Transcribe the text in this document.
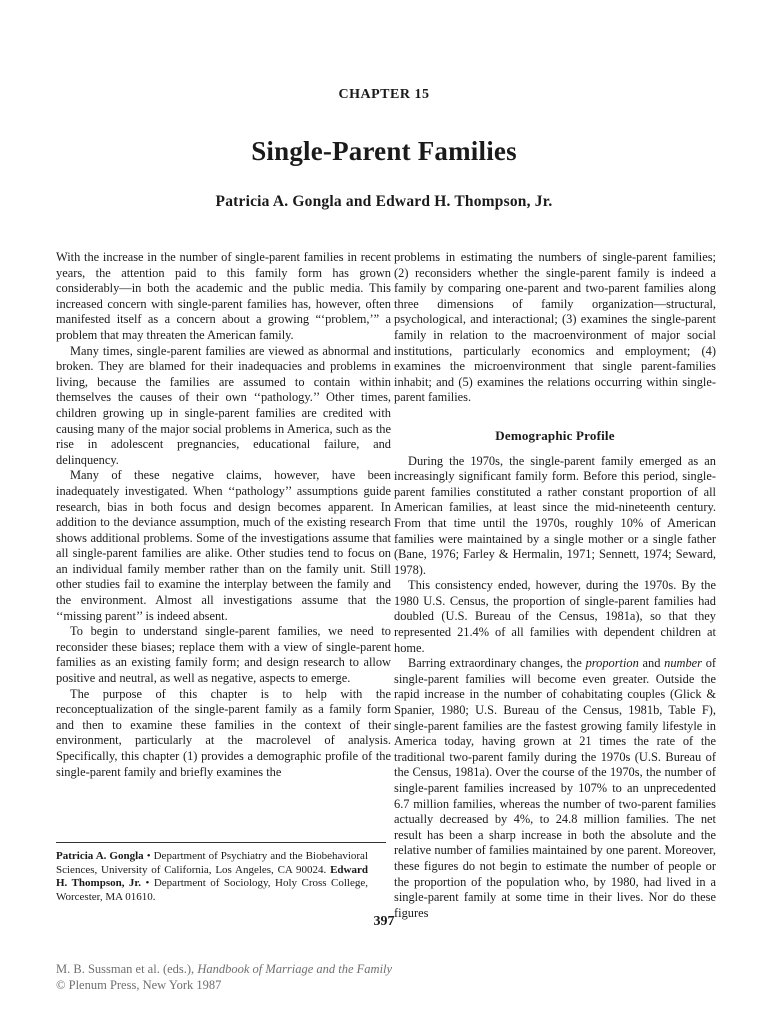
CHAPTER 15
Single-Parent Families
Patricia A. Gongla and Edward H. Thompson, Jr.

With the increase in the number of single-parent families in recent years, the attention paid to this family form has grown considerably—in both the academic and the public media. This increased concern with single-parent families has, however, often manifested itself as a concern about a growing “‘problem,’” a problem that may threaten the American family.

Many times, single-parent families are viewed as abnormal and broken. They are blamed for their inadequacies and problems in living, because the families are assumed to contain within themselves the causes of their own ‘‘pathology.’’ Other times, children growing up in single-parent families are credited with causing many of the major social problems in America, such as the rise in adolescent pregnancies, educational failure, and delinquency.

Many of these negative claims, however, have been inadequately investigated. When ‘‘pathology’’ assumptions guide research, bias in both focus and design becomes apparent. In addition to the deviance assumption, much of the existing research shows additional problems. Some of the investigations assume that all single-parent families are alike. Other studies tend to focus on an individual family member rather than on the family unit. Still other studies fail to examine the interplay between the family and the environment. Almost all investigations assume that the ‘‘missing parent’’ is indeed absent.

To begin to understand single-parent families, we need to reconsider these biases; replace them with a view of single-parent families as an existing family form; and design research to allow positive and neutral, as well as negative, aspects to emerge.

The purpose of this chapter is to help with the reconceptualization of the single-parent family as a family form and then to examine these families in the context of their environment, particularly at the macrolevel of analysis. Specifically, this chapter (1) provides a demographic profile of the single-parent family and briefly examines the

problems in estimating the numbers of single-parent families; (2) reconsiders whether the single-parent family is indeed a family by comparing one-parent and two-parent families along three dimensions of family organization—structural, psychological, and interactional; (3) examines the single-parent family in relation to the macroenvironment of major social institutions, particularly economics and employment; (4) examines the microenvironment that single parent-families inhabit; and (5) examines the relations occurring within single-parent families.

Demographic Profile

During the 1970s, the single-parent family emerged as an increasingly significant family form. Before this period, single-parent families constituted a rather constant proportion of all American families, at least since the mid-nineteenth century. From that time until the 1970s, roughly 10% of American families were maintained by a single mother or a single father (Bane, 1976; Farley & Hermalin, 1971; Sennett, 1974; Seward, 1978).

This consistency ended, however, during the 1970s. By the 1980 U.S. Census, the proportion of single-parent families had doubled (U.S. Bureau of the Census, 1981a), so that they represented 21.4% of all families with dependent children at home.

Barring extraordinary changes, the proportion and number of single-parent families will become even greater. Outside the rapid increase in the number of cohabitating couples (Glick & Spanier, 1980; U.S. Bureau of the Census, 1981b, Table F), single-parent families are the fastest growing family lifestyle in America today, having grown at 21 times the rate of the traditional two-parent family during the 1970s (U.S. Bureau of the Census, 1981a). Over the course of the 1970s, the number of single-parent families increased by 107% to an unprecedented 6.7 million families, whereas the number of two-parent families actually decreased by 4%, to 24.8 million families. The net result has been a sharp increase in both the absolute and the relative number of families maintained by one parent. Moreover, these figures do not begin to estimate the number of people or the proportion of the population who, by 1980, had lived in a single-parent family at some time in their lives. Nor do these figures

Patricia A. Gongla • Department of Psychiatry and the Biobehavioral Sciences, University of California, Los Angeles, CA 90024. Edward H. Thompson, Jr. • Department of Sociology, Holy Cross College, Worcester, MA 01610.
397
M. B. Sussman et al. (eds.), Handbook of Marriage and the Family
© Plenum Press, New York 1987
